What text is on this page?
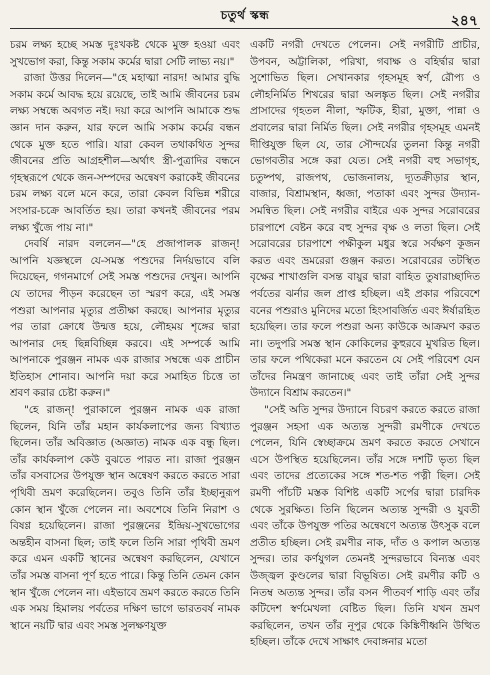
চতুর্থ স্কন্ধ	২৪৭

চরম লক্ষ্য হচ্ছে সমস্ত দুঃখকষ্ট থেকে মুক্ত হওয়া এবং সুখভোগ করা, কিন্তু সকাম কর্মের দ্বারা সেটি লাভ্য নয়।"

রাজা উত্তর দিলেন—"হে মহাত্মা নারদ! আমার বুদ্ধি সকাম কর্মে আবদ্ধ হয়ে রয়েছে, তাই আমি জীবনের চরম লক্ষ্য সম্বন্ধে অবগত নই। দয়া করে আপনি আমাকে শুদ্ধ জ্ঞান দান করুন, যার ফলে আমি সকাম কর্মের বন্ধন থেকে মুক্ত হতে পারি। যারা কেবল তথাকথিত সুন্দর জীবনের প্রতি আগ্রহশীল—অর্থাৎ স্ত্রী-পুত্রাদির বন্ধনে গৃহস্থরূপে থেকে জন-সম্পদের অন্বেষণ করাকেই জীবনের চরম লক্ষ্য বলে মনে করে, তারা কেবল বিভিন্ন শরীরে সংসার-চক্রে আবর্তিত হয়। তারা কখনই জীবনের পরম লক্ষ্য খুঁজে পায় না।"

দেবর্ষি নারদ বললেন—"হে প্রজাপালক রাজন্! আপনি যজ্ঞস্থলে যে-সমস্ত পশুদের নির্দয়ভাবে বলি দিয়েছেন, গগনমার্গে সেই সমস্ত পশুদের দেখুন। আপনি যে তাদের পীড়ন করেছেন তা স্মরণ করে, এই সমস্ত পশুরা আপনার মৃত্যুর প্রতীক্ষা করছে। আপনার মৃত্যুর পর তারা ক্রোধে উন্মত্ত হয়ে, লৌহময় শৃঙ্গের দ্বারা আপনার দেহ ছিন্নবিচ্ছিন্ন করবে। এই সম্পর্কে আমি আপনাকে পুরঞ্জন নামক এক রাজার সম্বন্ধে এক প্রাচীন ইতিহাস শোনাব। আপনি দয়া করে সমাহিত চিত্তে তা শ্রবণ করার চেষ্টা করুন।"

"হে রাজন্! পুরাকালে পুরঞ্জন নামক এক রাজা ছিলেন, যিনি তাঁর মহান কার্যকলাপের জন্য বিখ্যাত ছিলেন। তাঁর অবিজ্ঞাত (অজ্ঞাত) নামক এক বন্ধু ছিল। তাঁর কার্যকলাপ কেউ বুঝতে পারত না। রাজা পুরঞ্জন তাঁর বসবাসের উপযুক্ত স্থান অন্বেষণ করতে করতে সারা পৃথিবী ভ্রমণ করেছিলেন। তবুও তিনি তাঁর ইচ্ছানুরূপ কোন স্থান খুঁজে পেলেন না। অবশেষে তিনি নিরাশ ও বিষণ্ণ হয়েছিলেন। রাজা পুরঞ্জনের ইন্দ্রিয়-সুখভোগের অন্তহীন বাসনা ছিল; তাই ফলে তিনি সারা পৃথিবী ভ্রমণ করে এমন একটি স্থানের অন্বেষণ করছিলেন, যেখানে তাঁর সমস্ত বাসনা পূর্ণ হতে পারে। কিন্তু তিনি তেমন কোন স্থান খুঁজে পেলেন না। এইভাবে ভ্রমণ করতে করতে তিনি এক সময় হিমালয় পর্বতের দক্ষিণ ভাগে ভারতবর্ষ নামক স্থানে নয়টি দ্বার এবং সমস্ত সুলক্ষণযুক্ত

একটি নগরী দেখতে পেলেন। সেই নগরীটি প্রাচীর, উপবন, অট্টালিকা, পরিখা, গবাক্ষ ও বহির্দ্বার দ্বারা সুশোভিত ছিল। সেখানকার গৃহসমূহ স্বর্ণ, রৌপ্য ও লৌহনির্মিত শিখরের দ্বারা অলঙ্কৃত ছিল। সেই নগরীর প্রাসাদের গৃহতল নীলা, স্ফটিক, হীরা, মুক্তা, পান্না ও প্রবালের দ্বারা নির্মিত ছিল। সেই নগরীর গৃহসমূহ এমনই দীপ্তিযুক্ত ছিল যে, তার সৌন্দর্যের তুলনা কিন্তু নগরী ভোগবতীর সঙ্গে করা যেত। সেই নগরী বহু সভাগৃহ, চতুষ্পথ, রাজপথ, ভোজনালয়, দ্যূতক্রীড়ার স্থান, বাজার, বিশ্রামস্থান, ধ্বজা, পতাকা এবং সুন্দর উদ্যান-সমন্বিত ছিল। সেই নগরীর বাইরে এক সুন্দর সরোবরের চারপাশে বেষ্টন করে বহু সুন্দর বৃক্ষ ও লতা ছিল। সেই সরোবরের চারপাশে পক্ষীকুল মধুর স্বরে সর্বক্ষণ কূজন করত এবং ভ্রমরেরা গুঞ্জন করত। সরোবরের তটস্থিত বৃক্ষের শাখাগুলি বসন্ত বায়ুর দ্বারা বাহিত তুষারাচ্ছাদিত পর্বতের ঝর্নার জল প্রাপ্ত হচ্ছিল। এই প্রকার পরিবেশে বনের পশুরাও মুনিদের মতো হিংসাবর্জিত এবং ঈর্ষারহিত হয়েছিল। তার ফলে পশুরা অন্য কাউকে আক্রমণ করত না। তদুপরি সমস্ত স্থান কোকিলের কুহুরবে মুখরিত ছিল। তার ফলে পথিকেরা মনে করতেন যে সেই পরিবেশ যেন তাঁদের নিমন্ত্রণ জানাচ্ছে এবং তাই তাঁরা সেই সুন্দর উদ্যানে বিশ্রাম করতেন।"

"সেই অতি সুন্দর উদ্যানে বিচরণ করতে করতে রাজা পুরঞ্জন সহসা এক অত্যন্ত সুন্দরী রমণীকে দেখতে পেলেন, যিনি স্বেচ্ছাক্রমে ভ্রমণ করতে করতে সেখানে এসে উপস্থিত হয়েছিলেন। তাঁর সঙ্গে দশটি ভৃত্য ছিল এবং তাদের প্রত্যেকের সঙ্গে শত-শত পত্নী ছিল। সেই রমণী পাঁচটি মস্তক বিশিষ্ট একটি সর্পের দ্বারা চারদিক থেকে সুরক্ষিত। তিনি ছিলেন অত্যন্ত সুন্দরী ও যুবতী এবং তাঁকে উপযুক্ত পতির অন্বেষণে অত্যন্ত উৎসুক বলে প্রতীত হচ্ছিল। সেই রমণীর নাক, দাঁত ও কপাল অত্যন্ত সুন্দর। তার কর্ণযুগল তেমনই সুন্দরভাবে বিন্যস্ত এবং উজ্জ্বল কুণ্ডলের দ্বারা বিভূষিত। সেই রমণীর কটি ও নিতম্ব অত্যন্ত সুন্দর। তাঁর বসন পীতবর্ণ শাড়ি এবং তাঁর কটিদেশ স্বর্ণমেখলা বেষ্টিত ছিল। তিনি যখন ভ্রমণ করছিলেন, তখন তাঁর নূপুর থেকে কিঙ্কিণীধ্বনি উত্থিত হচ্ছিল। তাঁকে দেখে সাক্ষাৎ দেবাঙ্গনার মতো
